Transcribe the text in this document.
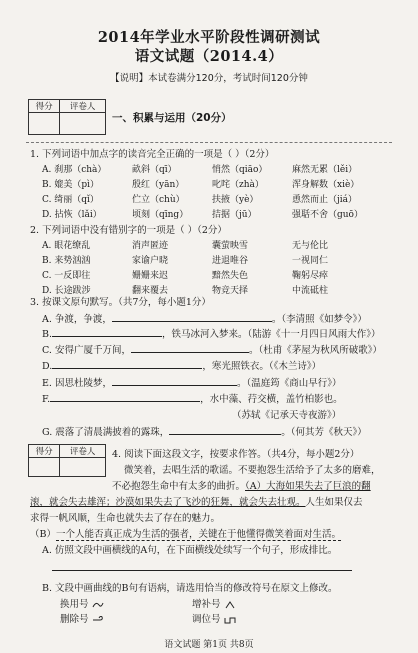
2014年学业水平阶段性调研测试
语文试题（2014.4）
【说明】本试卷满分120分，考试时间120分钟
得分	评卷人

一、积累与运用（20分）
1. 下列词语中加点字的读音完全正确的一项是（ ）（2分）
A. 刹那（chà）	畝斜（qī）	悄然（qiāo）	麻然无累（lěi）
B. 媲美（pì）	殷红（yān）	叱咤（zhà）	浑身解数（xiè）
C. 绮丽（qǐ）	伫立（chù）	扶掖（yè）	恿然而止（jiá）
D. 拈恢（lǎi）	顷刻（qīng）	拮据（jū）	强聒不舍（guō）
2. 下列词语中没有错别字的一项是（ ）（2分）
A. 眼花缭乱	消声匿迹	囊萤映雪	无与伦比
B. 来势汹汹	家谕户晓	进退唯谷	一视同仁
C. 一反即往	姗姗来迟	黯然失色	鞠躬尽瘁
D. 长途跋涉	翻来覆去	物竞天择	中流砥柱
3. 按课文原句默写。（共7分，每小题1分）
A. 争渡，争渡，	。（李清照《如梦令》）
B.	，铁马冰河入梦来。（陆游《十一月四日风雨大作》）
C. 安得广厦千万间，	。（杜甫《茅屋为秋风所破歌》）
D.	，寒光照铁衣。（《木兰诗》）
E. 因思杜陵梦，	。（温庭筠《商山早行》）
F.	，水中藻、荇交横，盖竹柏影也。
（苏轼《记承天寺夜游》）
G. 震落了清晨满披着的露珠，	。（何其芳《秋天》）
得分	评卷人
	4. 阅读下面这段文字，按要求作答。（共4分，每小题2分）
微笑着，去唱生活的歌谣。不要抱怨生活给予了太多的磨难，
不必抱怨生命中有太多的曲折。（A）大海如果失去了巨浪的翻
滚，就会失去雄浑；沙漠如果失去了飞沙的狂舞，就会失去壮观。人生如果仅去
求得一帆风顺，生命也就失去了存在的魅力。
（B）一个人能否真正成为生活的强者，关键在于他懂得微笑着面对生活。
A. 仿照文段中画横线的A句，在下面横线处续写一个句子，形成排比。
B. 文段中画曲线的B句有语病，请选用恰当的修改符号在原文上修改。
换用号	增补号
删除号	调位号
语文试题 第1页 共8页
